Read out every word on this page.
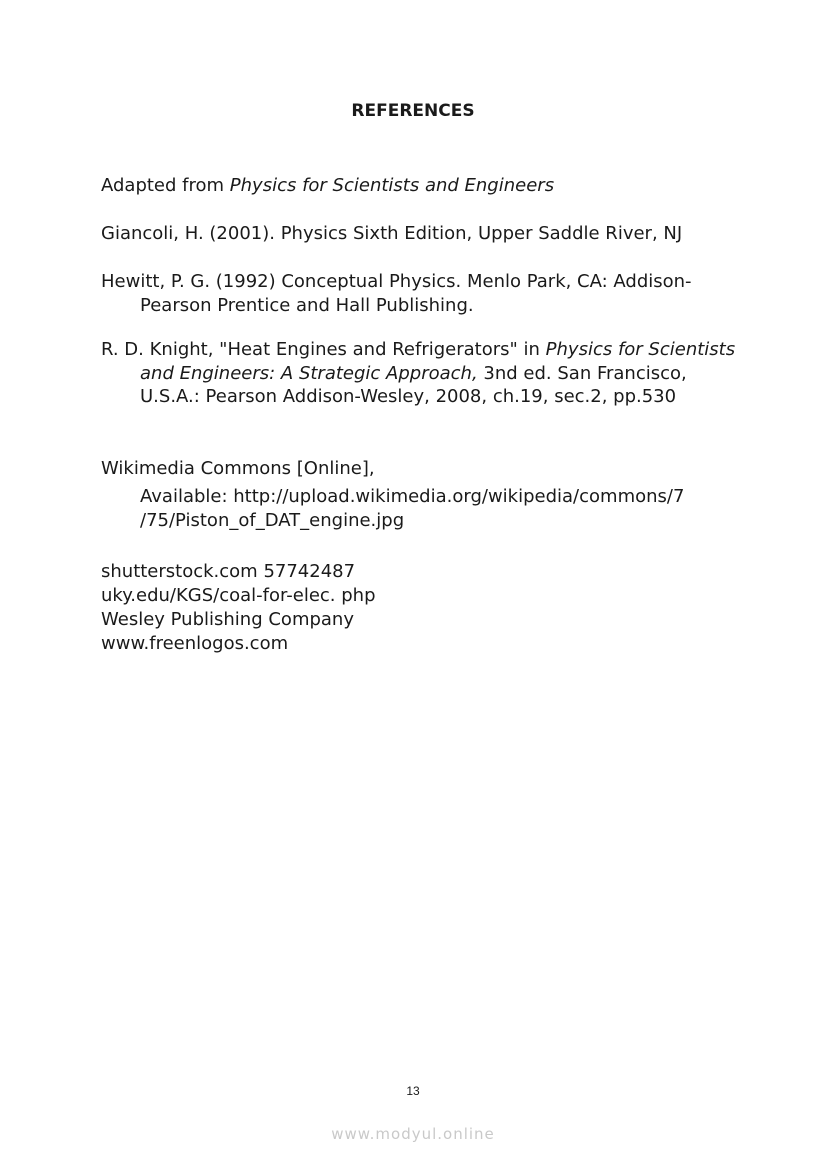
REFERENCES
Adapted from Physics for Scientists and Engineers
Giancoli, H. (2001). Physics Sixth Edition, Upper Saddle River, NJ
Hewitt, P. G. (1992) Conceptual Physics. Menlo Park, CA: Addison-Pearson Prentice and Hall Publishing.
R. D. Knight, "Heat Engines and Refrigerators" in Physics for Scientists and Engineers: A Strategic Approach, 3nd ed. San Francisco, U.S.A.: Pearson Addison-Wesley, 2008, ch.19, sec.2, pp.530
Wikimedia Commons [Online],
Available: http://upload.wikimedia.org/wikipedia/commons/7
/75/Piston_of_DAT_engine.jpg
shutterstock.com 57742487
uky.edu/KGS/coal-for-elec. php
Wesley Publishing Company
www.freenlogos.com
13
www.modyul.online
